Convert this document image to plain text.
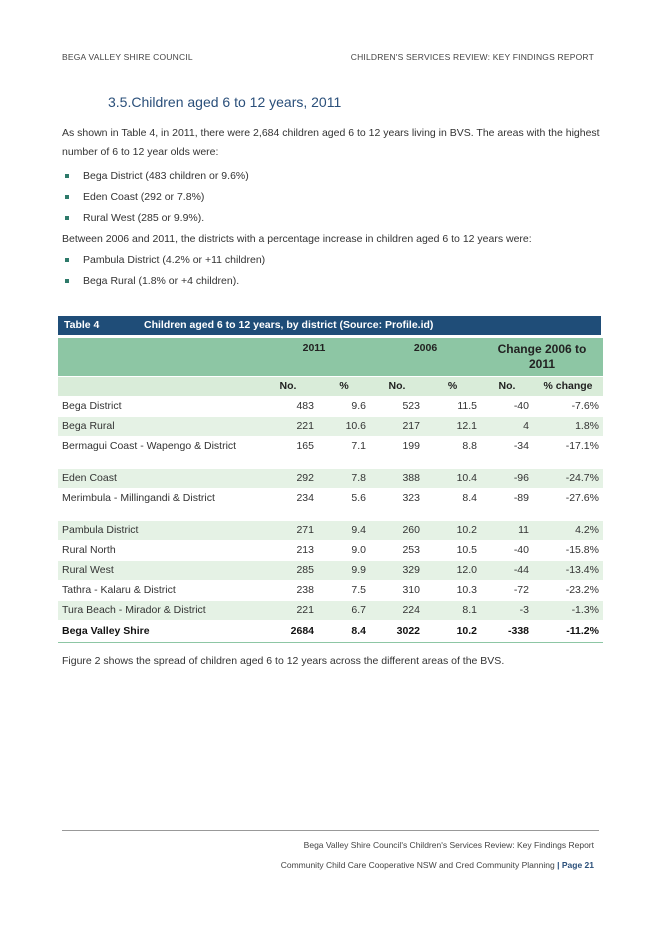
BEGA VALLEY SHIRE COUNCIL	CHILDREN'S SERVICES REVIEW: KEY FINDINGS REPORT
3.5.Children aged 6 to 12 years, 2011

As shown in Table 4, in 2011, there were 2,684 children aged 6 to 12 years living in BVS. The areas with the highest number of 6 to 12 year olds were:

Bega District (483 children or 9.6%)
Eden Coast (292 or 7.8%)
Rural West (285 or 9.9%).

Between 2006 and 2011, the districts with a percentage increase in children aged 6 to 12 years were:

Pambula District (4.2% or +11 children)
Bega Rural (1.8% or +4 children).
Table 4	Children aged 6 to 12 years, by district (Source: Profile.id)
	2011		2006		Change 2006 to 2011	
	No.	%	No.	%	No.	% change
Bega District	483	9.6	523	11.5	-40	-7.6%
Bega Rural	221	10.6	217	12.1	4	1.8%
Bermagui Coast - Wapengo & District	165	7.1	199	8.8	-34	-17.1%
Eden Coast	292	7.8	388	10.4	-96	-24.7%
Merimbula - Millingandi & District	234	5.6	323	8.4	-89	-27.6%
Pambula District	271	9.4	260	10.2	11	4.2%
Rural North	213	9.0	253	10.5	-40	-15.8%
Rural West	285	9.9	329	12.0	-44	-13.4%
Tathra - Kalaru & District	238	7.5	310	10.3	-72	-23.2%
Tura Beach - Mirador & District	221	6.7	224	8.1	-3	-1.3%
Bega Valley Shire	2684	8.4	3022	10.2	-338	-11.2%

Figure 2 shows the spread of children aged 6 to 12 years across the different areas of the BVS.

Bega Valley Shire Council's Children's Services Review: Key Findings Report
Community Child Care Cooperative NSW and Cred Community Planning | Page 21
